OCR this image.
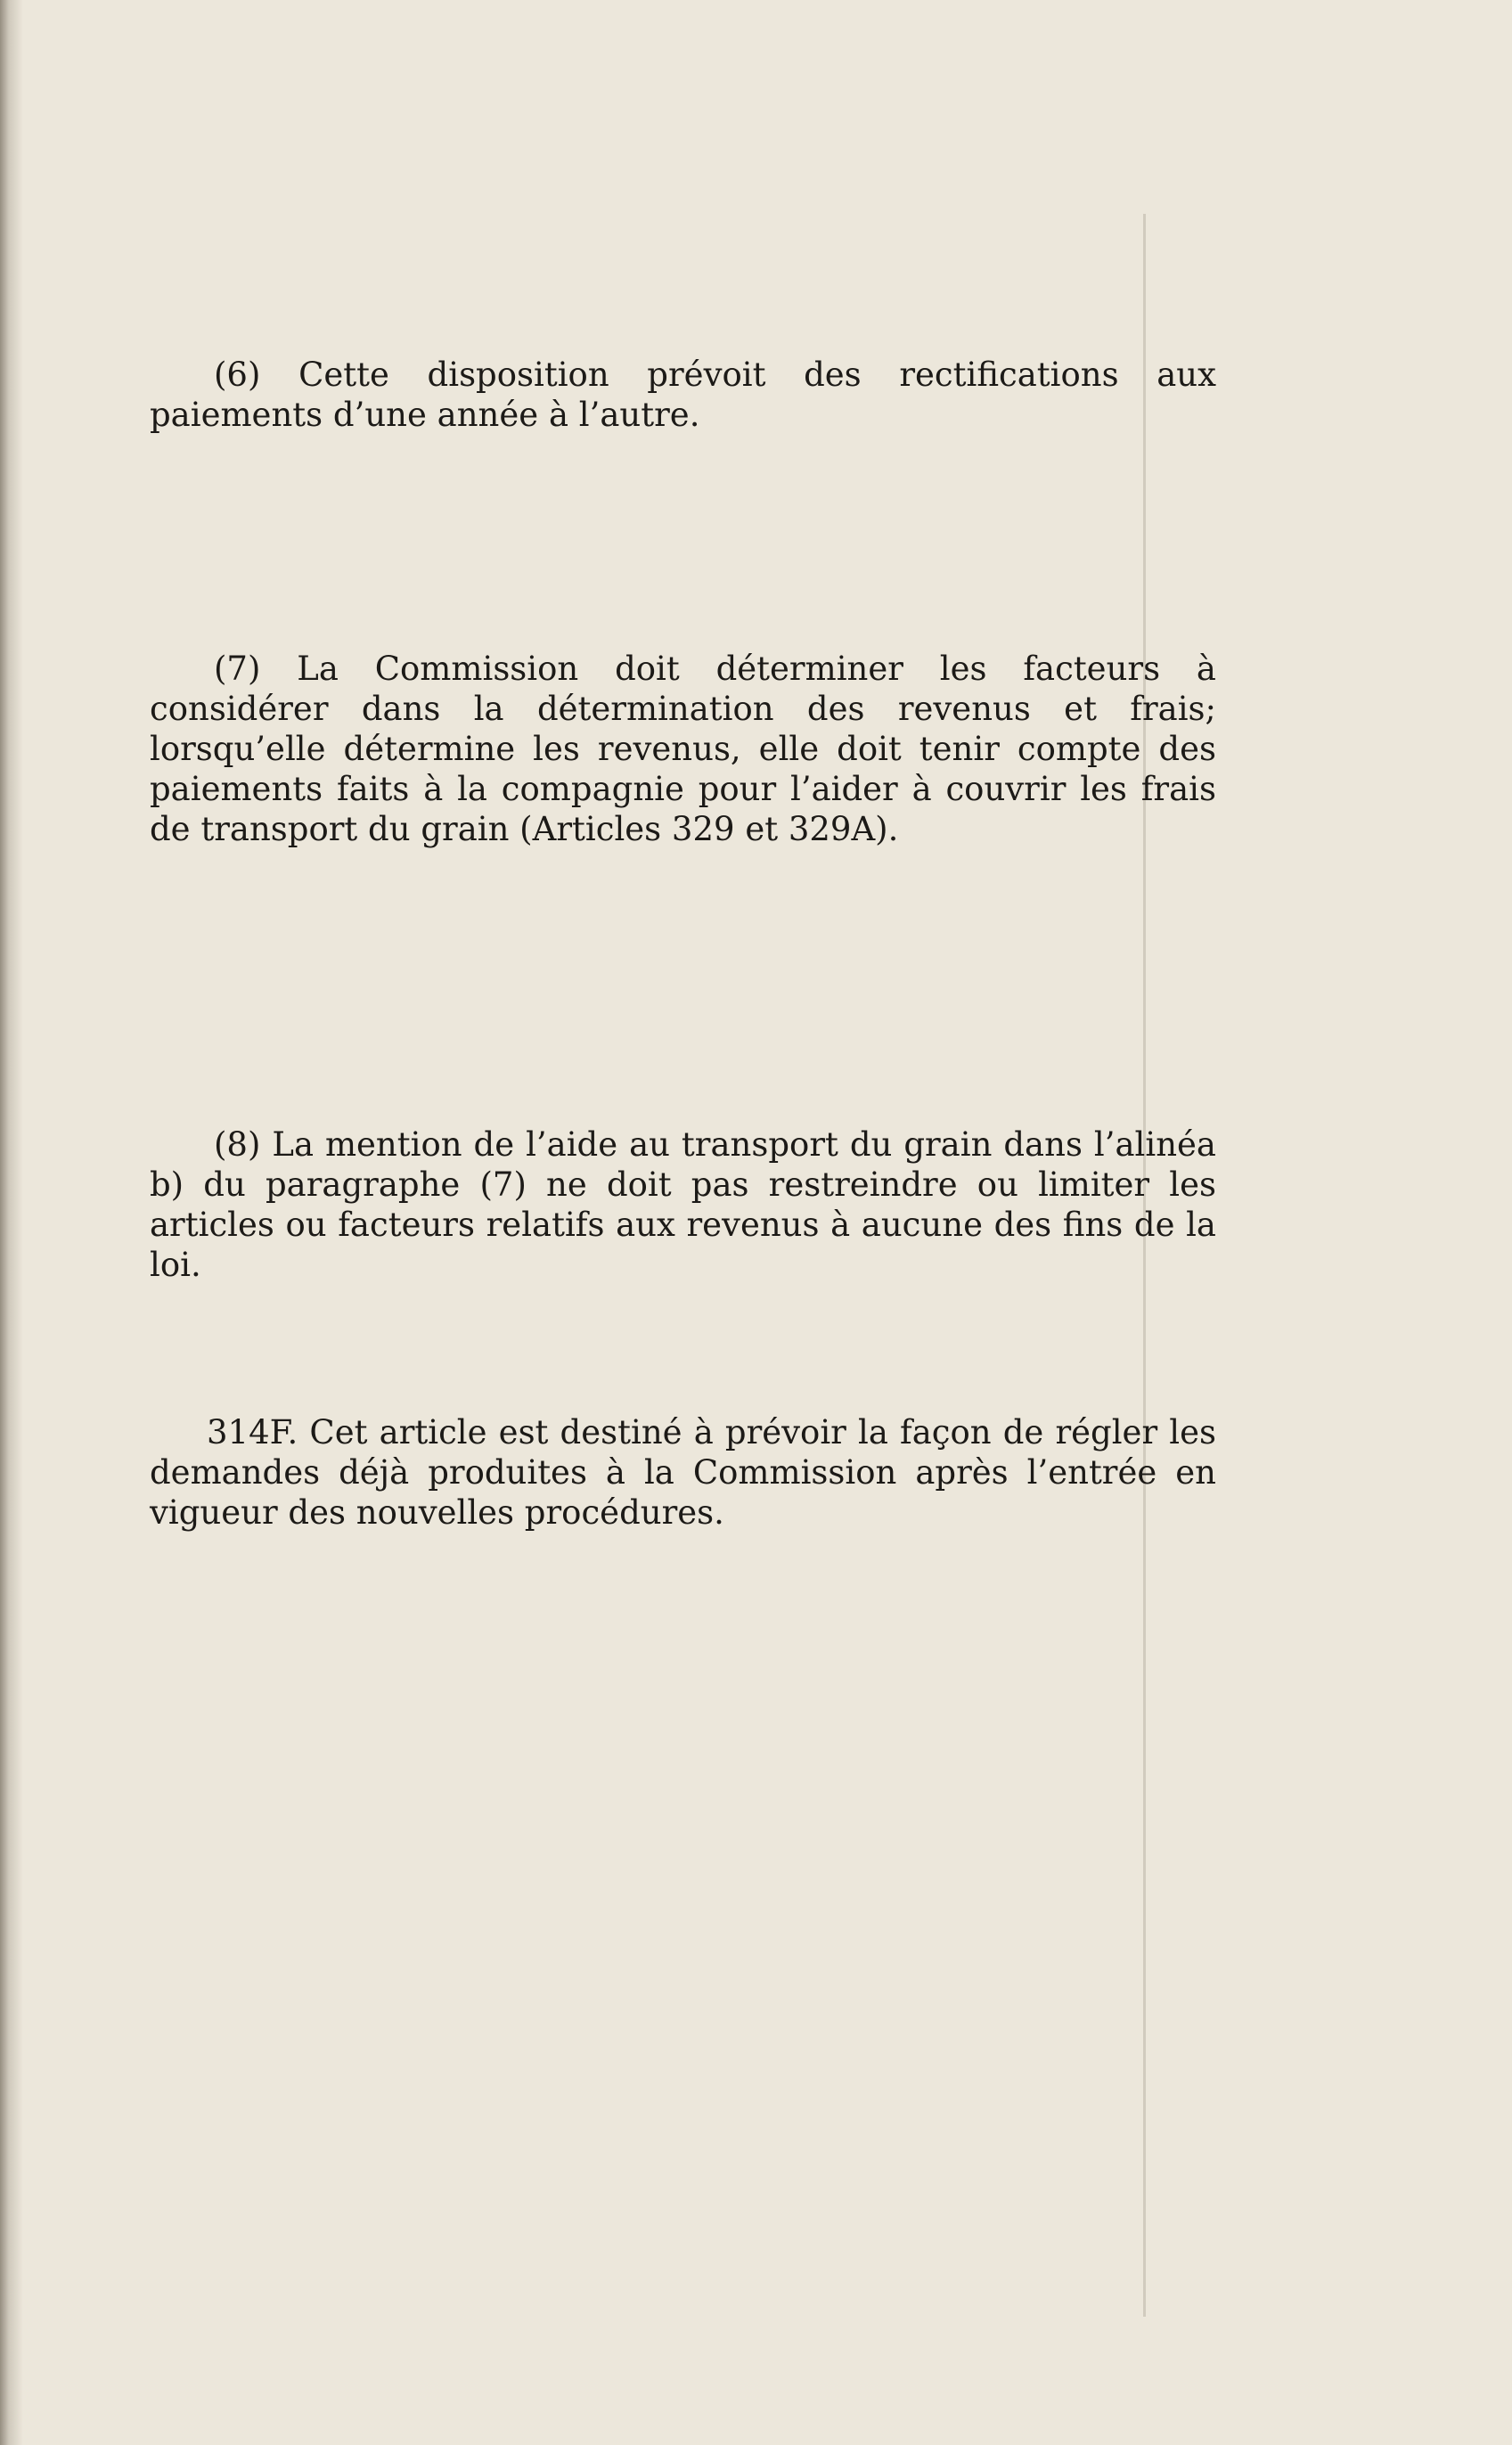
(6) Cette disposition prévoit des rectifications aux paiements d’une année à l’autre.

(7) La Commission doit déterminer les facteurs à considérer dans la détermination des revenus et frais; lorsqu’elle détermine les revenus, elle doit tenir compte des paiements faits à la compagnie pour l’aider à couvrir les frais de transport du grain (Articles 329 et 329A).

(8) La mention de l’aide au transport du grain dans l’alinéa b) du paragraphe (7) ne doit pas restreindre ou limiter les articles ou facteurs relatifs aux revenus à aucune des fins de la loi.

314F. Cet article est destiné à prévoir la façon de régler les demandes déjà produites à la Commission après l’entrée en vigueur des nouvelles procédures.
